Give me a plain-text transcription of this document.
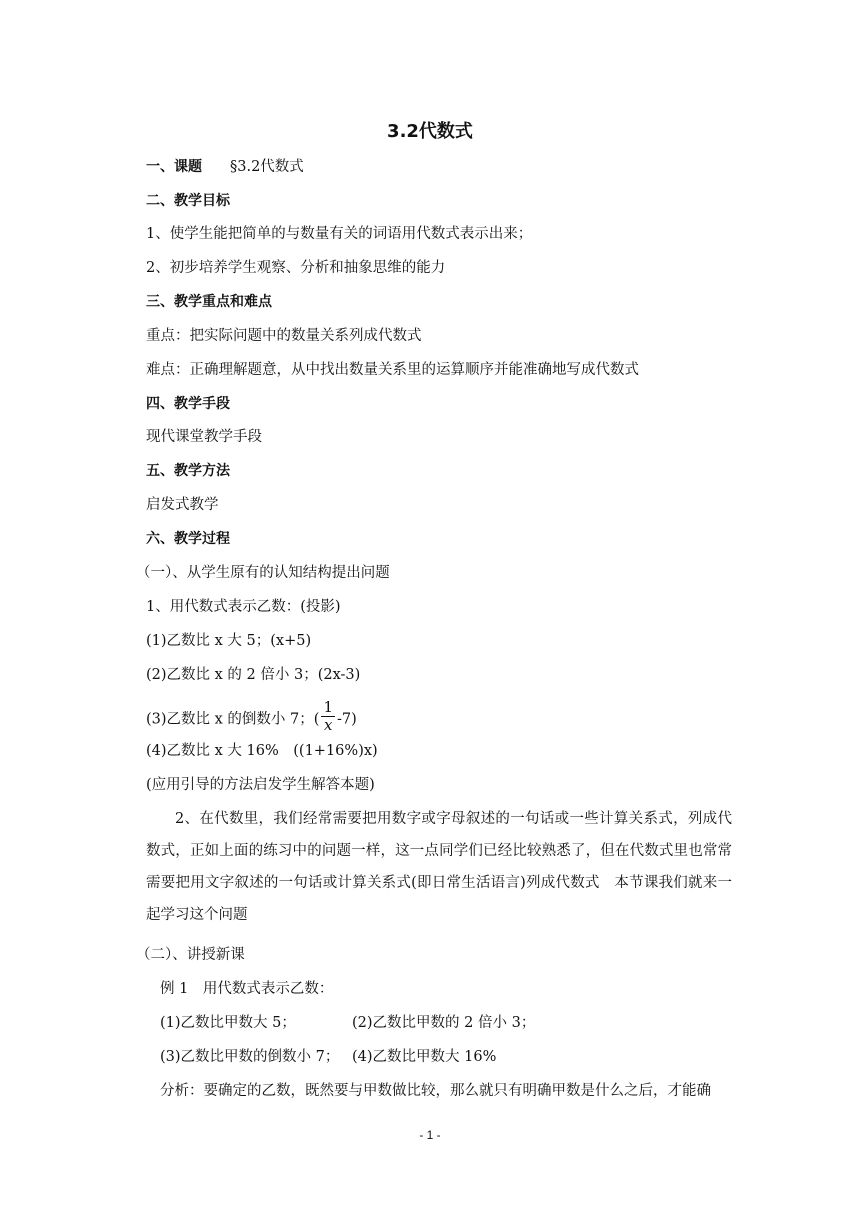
3.2代数式
一、课题 §3.2代数式
二、教学目标
1、使学生能把简单的与数量有关的词语用代数式表示出来；
2、初步培养学生观察、分析和抽象思维的能力
三、教学重点和难点
重点：把实际问题中的数量关系列成代数式
难点：正确理解题意，从中找出数量关系里的运算顺序并能准确地写成代数式
四、教学手段
现代课堂教学手段
五、教学方法
启发式教学
六、教学过程
（一）、从学生原有的认知结构提出问题
1、用代数式表示乙数：(投影)
(1)乙数比 x 大 5；(x+5)
(2)乙数比 x 的 2 倍小 3；(2x-3)
(3)乙数比 x 的倒数小 7；( $\frac{1}{x} -7$)
(4)乙数比 x 大 16%　((1+16%)x)
(应用引导的方法启发学生解答本题)

2、在代数里，我们经常需要把用数字或字母叙述的一句话或一些计算关系式，列成代数式，正如上面的练习中的问题一样，这一点同学们已经比较熟悉了，但在代数式里也常常需要把用文字叙述的一句话或计算关系式(即日常生活语言)列成代数式　本节课我们就来一起学习这个问题

（二）、讲授新课
例 1　用代数式表示乙数：
(1)乙数比甲数大 5；	(2)乙数比甲数的 2 倍小 3；
(3)乙数比甲数的倒数小 7； (4)乙数比甲数大 16%
分析：要确定的乙数，既然要与甲数做比较，那么就只有明确甲数是什么之后，才能确
- 1 -
